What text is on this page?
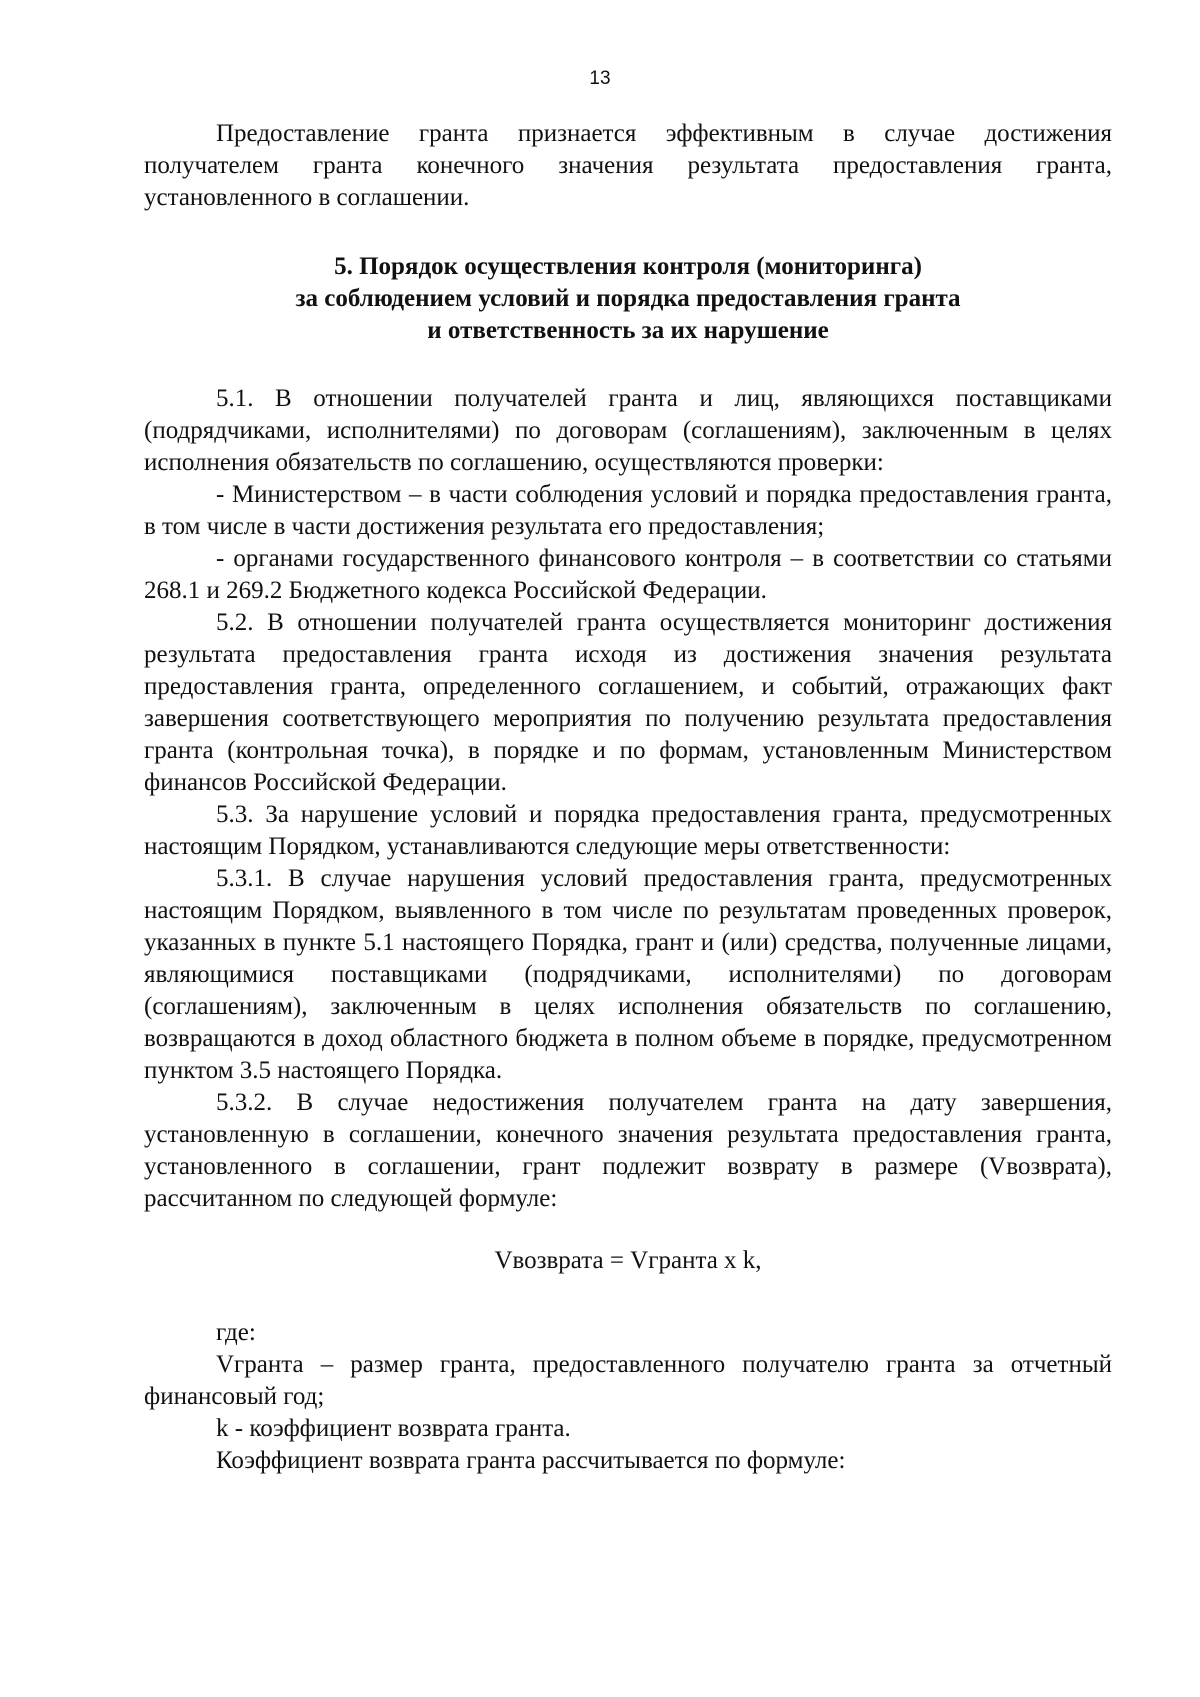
13

Предоставление гранта признается эффективным в случае достижения получателем гранта конечного значения результата предоставления гранта, установленного в соглашении.

5. Порядок осуществления контроля (мониторинга)
за соблюдением условий и порядка предоставления гранта
и ответственность за их нарушение

5.1. В отношении получателей гранта и лиц, являющихся поставщиками (подрядчиками, исполнителями) по договорам (соглашениям), заключенным в целях исполнения обязательств по соглашению, осуществляются проверки:

- Министерством – в части соблюдения условий и порядка предоставления гранта, в том числе в части достижения результата его предоставления;

- органами государственного финансового контроля – в соответствии со статьями 268.1 и 269.2 Бюджетного кодекса Российской Федерации.

5.2. В отношении получателей гранта осуществляется мониторинг достижения результата предоставления гранта исходя из достижения значения результата предоставления гранта, определенного соглашением, и событий, отражающих факт завершения соответствующего мероприятия по получению результата предоставления гранта (контрольная точка), в порядке и по формам, установленным Министерством финансов Российской Федерации.

5.3. За нарушение условий и порядка предоставления гранта, предусмотренных настоящим Порядком, устанавливаются следующие меры ответственности:

5.3.1. В случае нарушения условий предоставления гранта, предусмотренных настоящим Порядком, выявленного в том числе по результатам проведенных проверок, указанных в пункте 5.1 настоящего Порядка, грант и (или) средства, полученные лицами, являющимися поставщиками (подрядчиками, исполнителями) по договорам (соглашениям), заключенным в целях исполнения обязательств по соглашению, возвращаются в доход областного бюджета в полном объеме в порядке, предусмотренном пунктом 3.5 настоящего Порядка.

5.3.2. В случае недостижения получателем гранта на дату завершения, установленную в соглашении, конечного значения результата предоставления гранта, установленного в соглашении, грант подлежит возврату в размере (Vвозврата), рассчитанном по следующей формуле:

Vвозврата = Vгранта x k,

где:

Vгранта – размер гранта, предоставленного получателю гранта за отчетный финансовый год;

k - коэффициент возврата гранта.

Коэффициент возврата гранта рассчитывается по формуле:
